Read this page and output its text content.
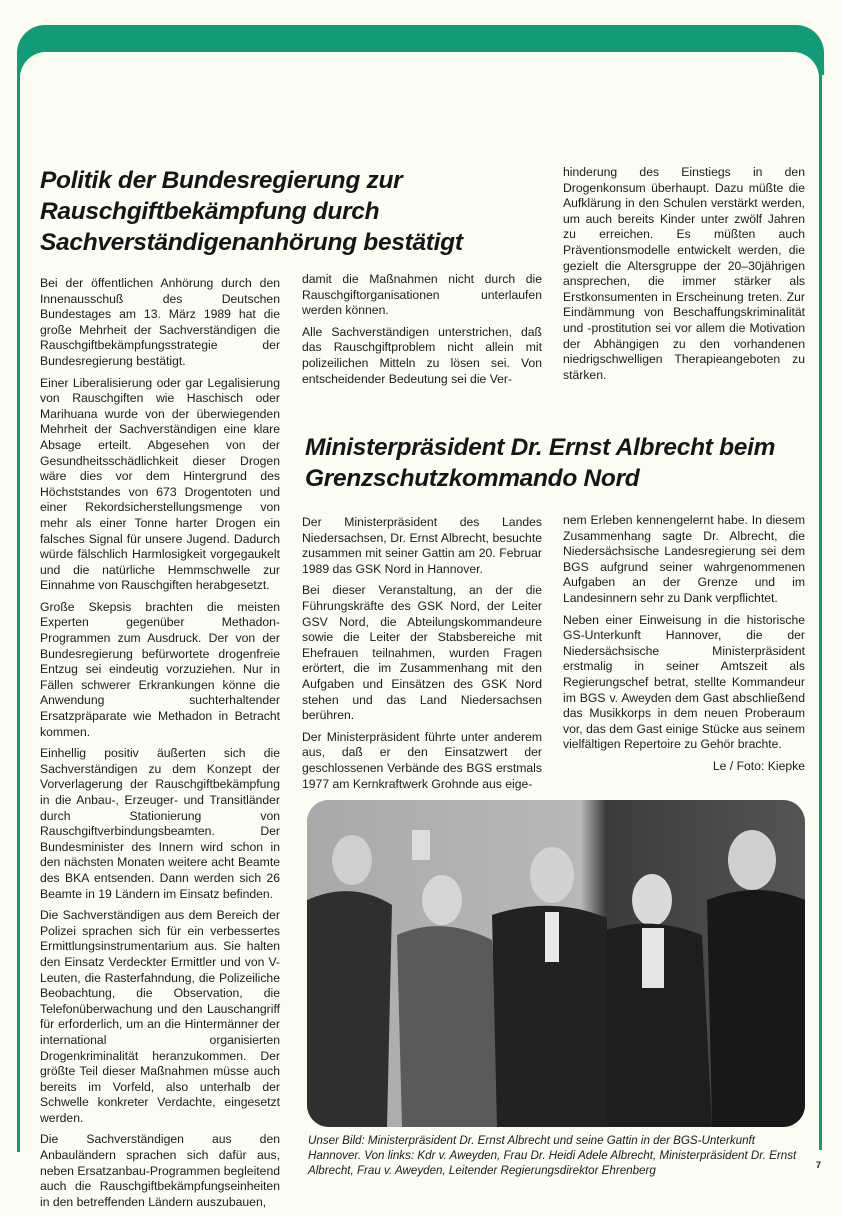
Politik der Bundesregierung zur Rauschgiftbekämpfung durch Sachverständigenanhörung bestätigt

Bei der öffentlichen Anhörung durch den Innenausschuß des Deutschen Bundestages am 13. März 1989 hat die große Mehrheit der Sachverständigen die Rauschgiftbekämpfungsstrategie der Bundesregierung bestätigt.

Einer Liberalisierung oder gar Legalisierung von Rauschgiften wie Haschisch oder Marihuana wurde von der überwiegenden Mehrheit der Sachverständigen eine klare Absage erteilt. Abgesehen von der Gesundheitsschädlichkeit dieser Drogen wäre dies vor dem Hintergrund des Höchststandes von 673 Drogentoten und einer Rekordsicherstellungsmenge von mehr als einer Tonne harter Drogen ein falsches Signal für unsere Jugend. Dadurch würde fälschlich Harmlosigkeit vorgegaukelt und die natürliche Hemmschwelle zur Einnahme von Rauschgiften herabgesetzt.

Große Skepsis brachten die meisten Experten gegenüber Methadon-Programmen zum Ausdruck. Der von der Bundesregierung befürwortete drogenfreie Entzug sei eindeutig vorzuziehen. Nur in Fällen schwerer Erkrankungen könne die Anwendung suchterhaltender Ersatzpräparate wie Methadon in Betracht kommen.

Einhellig positiv äußerten sich die Sachverständigen zu dem Konzept der Vorverlagerung der Rauschgiftbekämpfung in die Anbau-, Erzeuger- und Transitländer durch Stationierung von Rauschgiftverbindungsbeamten. Der Bundesminister des Innern wird schon in den nächsten Monaten weitere acht Beamte des BKA entsenden. Dann werden sich 26 Beamte in 19 Ländern im Einsatz befinden.

Die Sachverständigen aus dem Bereich der Polizei sprachen sich für ein verbessertes Ermittlungsinstrumentarium aus. Sie halten den Einsatz Verdeckter Ermittler und von V-Leuten, die Rasterfahndung, die Polizeiliche Beobachtung, die Observation, die Telefonüberwachung und den Lauschangriff für erforderlich, um an die Hintermänner der international organisierten Drogenkriminalität heranzukommen. Der größte Teil dieser Maßnahmen müsse auch bereits im Vorfeld, also unterhalb der Schwelle konkreter Verdachte, eingesetzt werden.

Die Sachverständigen aus den Anbauländern sprachen sich dafür aus, neben Ersatzanbau-Programmen begleitend auch die Rauschgiftbekämpfungseinheiten in den betreffenden Ländern auszubauen,

damit die Maßnahmen nicht durch die Rauschgiftorganisationen unterlaufen werden können.

Alle Sachverständigen unterstrichen, daß das Rauschgiftproblem nicht allein mit polizeilichen Mitteln zu lösen sei. Von entscheidender Bedeutung sei die Ver-

hinderung des Einstiegs in den Drogenkonsum überhaupt. Dazu müßte die Aufklärung in den Schulen verstärkt werden, um auch bereits Kinder unter zwölf Jahren zu erreichen. Es müßten auch Präventionsmodelle entwickelt werden, die gezielt die Altersgruppe der 20–30jährigen ansprechen, die immer stärker als Erstkonsumenten in Erscheinung treten. Zur Eindämmung von Beschaffungskriminalität und -prostitution sei vor allem die Motivation der Abhängigen zu den vorhandenen niedrigschwelligen Therapieangeboten zu stärken.

Ministerpräsident Dr. Ernst Albrecht beim Grenzschutzkommando Nord

Der Ministerpräsident des Landes Niedersachsen, Dr. Ernst Albrecht, besuchte zusammen mit seiner Gattin am 20. Februar 1989 das GSK Nord in Hannover.

Bei dieser Veranstaltung, an der die Führungskräfte des GSK Nord, der Leiter GSV Nord, die Abteilungskommandeure sowie die Leiter der Stabsbereiche mit Ehefrauen teilnahmen, wurden Fragen erörtert, die im Zusammenhang mit den Aufgaben und Einsätzen des GSK Nord stehen und das Land Niedersachsen berühren.

Der Ministerpräsident führte unter anderem aus, daß er den Einsatzwert der geschlossenen Verbände des BGS erstmals 1977 am Kernkraftwerk Grohnde aus eige-

nem Erleben kennengelernt habe. In diesem Zusammenhang sagte Dr. Albrecht, die Niedersächsische Landesregierung sei dem BGS aufgrund seiner wahrgenommenen Aufgaben an der Grenze und im Landesinnern sehr zu Dank verpflichtet.

Neben einer Einweisung in die historische GS-Unterkunft Hannover, die der Niedersächsische Ministerpräsident erstmalig in seiner Amtszeit als Regierungschef betrat, stellte Kommandeur im BGS v. Aweyden dem Gast abschließend das Musikkorps in dem neuen Proberaum vor, das dem Gast einige Stücke aus seinem vielfältigen Repertoire zu Gehör brachte.

Le / Foto: Kiepke

Unser Bild: Ministerpräsident Dr. Ernst Albrecht und seine Gattin in der BGS-Unterkunft Hannover. Von links: Kdr v. Aweyden, Frau Dr. Heidi Adele Albrecht, Ministerpräsident Dr. Ernst Albrecht, Frau v. Aweyden, Leitender Regierungsdirektor Ehrenberg	7
